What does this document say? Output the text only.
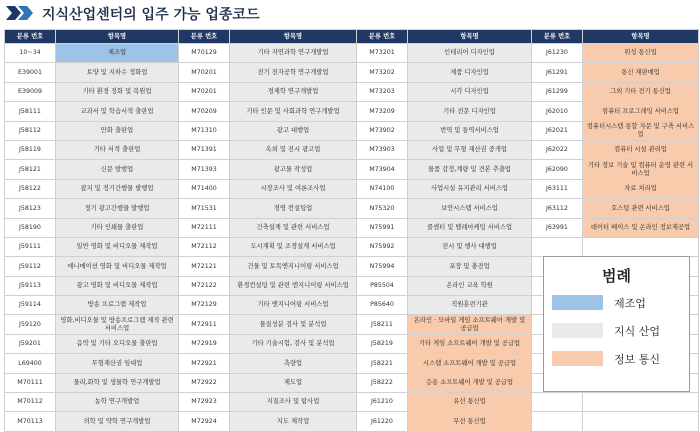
지식산업센터의 입주 가능 업종코드
분류 번호	항목명	분류 번호	항목명	분류 번호	항목명	분류 번호	항목명
10~34	제조업	M70129	기타 자연과학 연구개발업	M73201	인테리어 디자인업	J61230	위성 통신업
E39001	토양 및 지하수 정화업	M70201	전기 전자공학 연구개발업	M73202	제품 디자인업	J61291	통신 재판매업
E39009	기타 환경 정화 및 복원업	M70201	경제학 연구개발업	M73203	시각 디자인업	J61299	그외 기타 전기 통신업
J58111	교과서 및 학습서적 출판업	M70209	기타 인문 및 사회과학 연구개발업	M73209	기타 전문 디자인업	J62010	컴퓨터 프로그래밍 서비스업
J58112	만화 출판업	M71310	광고 대행업	M73902	번역 및 통역서비스업	J62021	컴퓨터시스템 통합 자문 및 구축 서비스업
J58119	기타 서적 출판업	M71391	옥외 및 전시 광고업	M73903	사업 및 무형 재산권 중개업	J62022	컴퓨터 시설 관리업
J58121	신문 발행업	M71393	광고물 작성업	M73904	물품 감정,계량 및 견본 추출업	J62090	기타 정보 기술 및 컴퓨터 운영 관련 서비스업
J58122	잡지 및 정기간행물 발행업	M71400	시장조사 및 여론조사업	N74100	사업시설 유지관리 서비스업	J63111	자료 처리업
J58123	정기 광고간행물 발행업	M71531	경영 컨설팅업	N75320	보안시스템 서비스업	J63112	호스팅 관련 서비스업
J58190	기타 인쇄물 출판업	M72111	건축설계 및 관련 서비스업	N75991	콜센터 및 텔레마케팅 서비스업	J63991	데이터 베이스 및 온라인 정보제공업
J59111	일반 영화 및 비디오물 제작업	M72112	도시계획 및 조경설계 서비스업	N75992	전시 및 행사 대행업		
J59112	애니메이션 영화 및 비디오물 제작업	M72121	건물 및 토목엔지니어링 서비스업	N75994	포장 및 충전업		
J59113	광고 영화 및 비디오물 제작업	M72122	환경컨설팅 및 관련 엔지니어링 서비스업	P85504	온라인 교육 학원		
J59114	방송 프로그램 제작업	M72129	기타 엔지니어링 서비스업	P85640	직원훈련기관		
J59120	영화,비디오물 및 방송프로그램 제작 관련 서비스업	M72911	물질성분 검사 및 분석업	J58211	온라인 · 모바일 게임 소프트웨어 개발 및 공급업		
J59201	음악 및 기타 오디오물 출판업	M72919	기타 기술시험, 검사 및 분석업	J58219	기타 게임 소프트웨어 개발 및 공급업		
L69400	무형재산권 임대업	M72921	측량업	J58221	시스템 소프트웨어 개발 및 공급업		
M70111	물리,화학 및 생물학 연구개발업	M72922	제도업	J58222	응용 소프트웨어 개발 및 공급업		
M70112	농학 연구개발업	M72923	지질조사 및 탐사업	J61210	유선 통신업		
M70113	의학 및 약학 연구개발업	M72924	지도 제작업	J61220	무선 통신업		
범례
제조업
지식 산업
정보 통신
